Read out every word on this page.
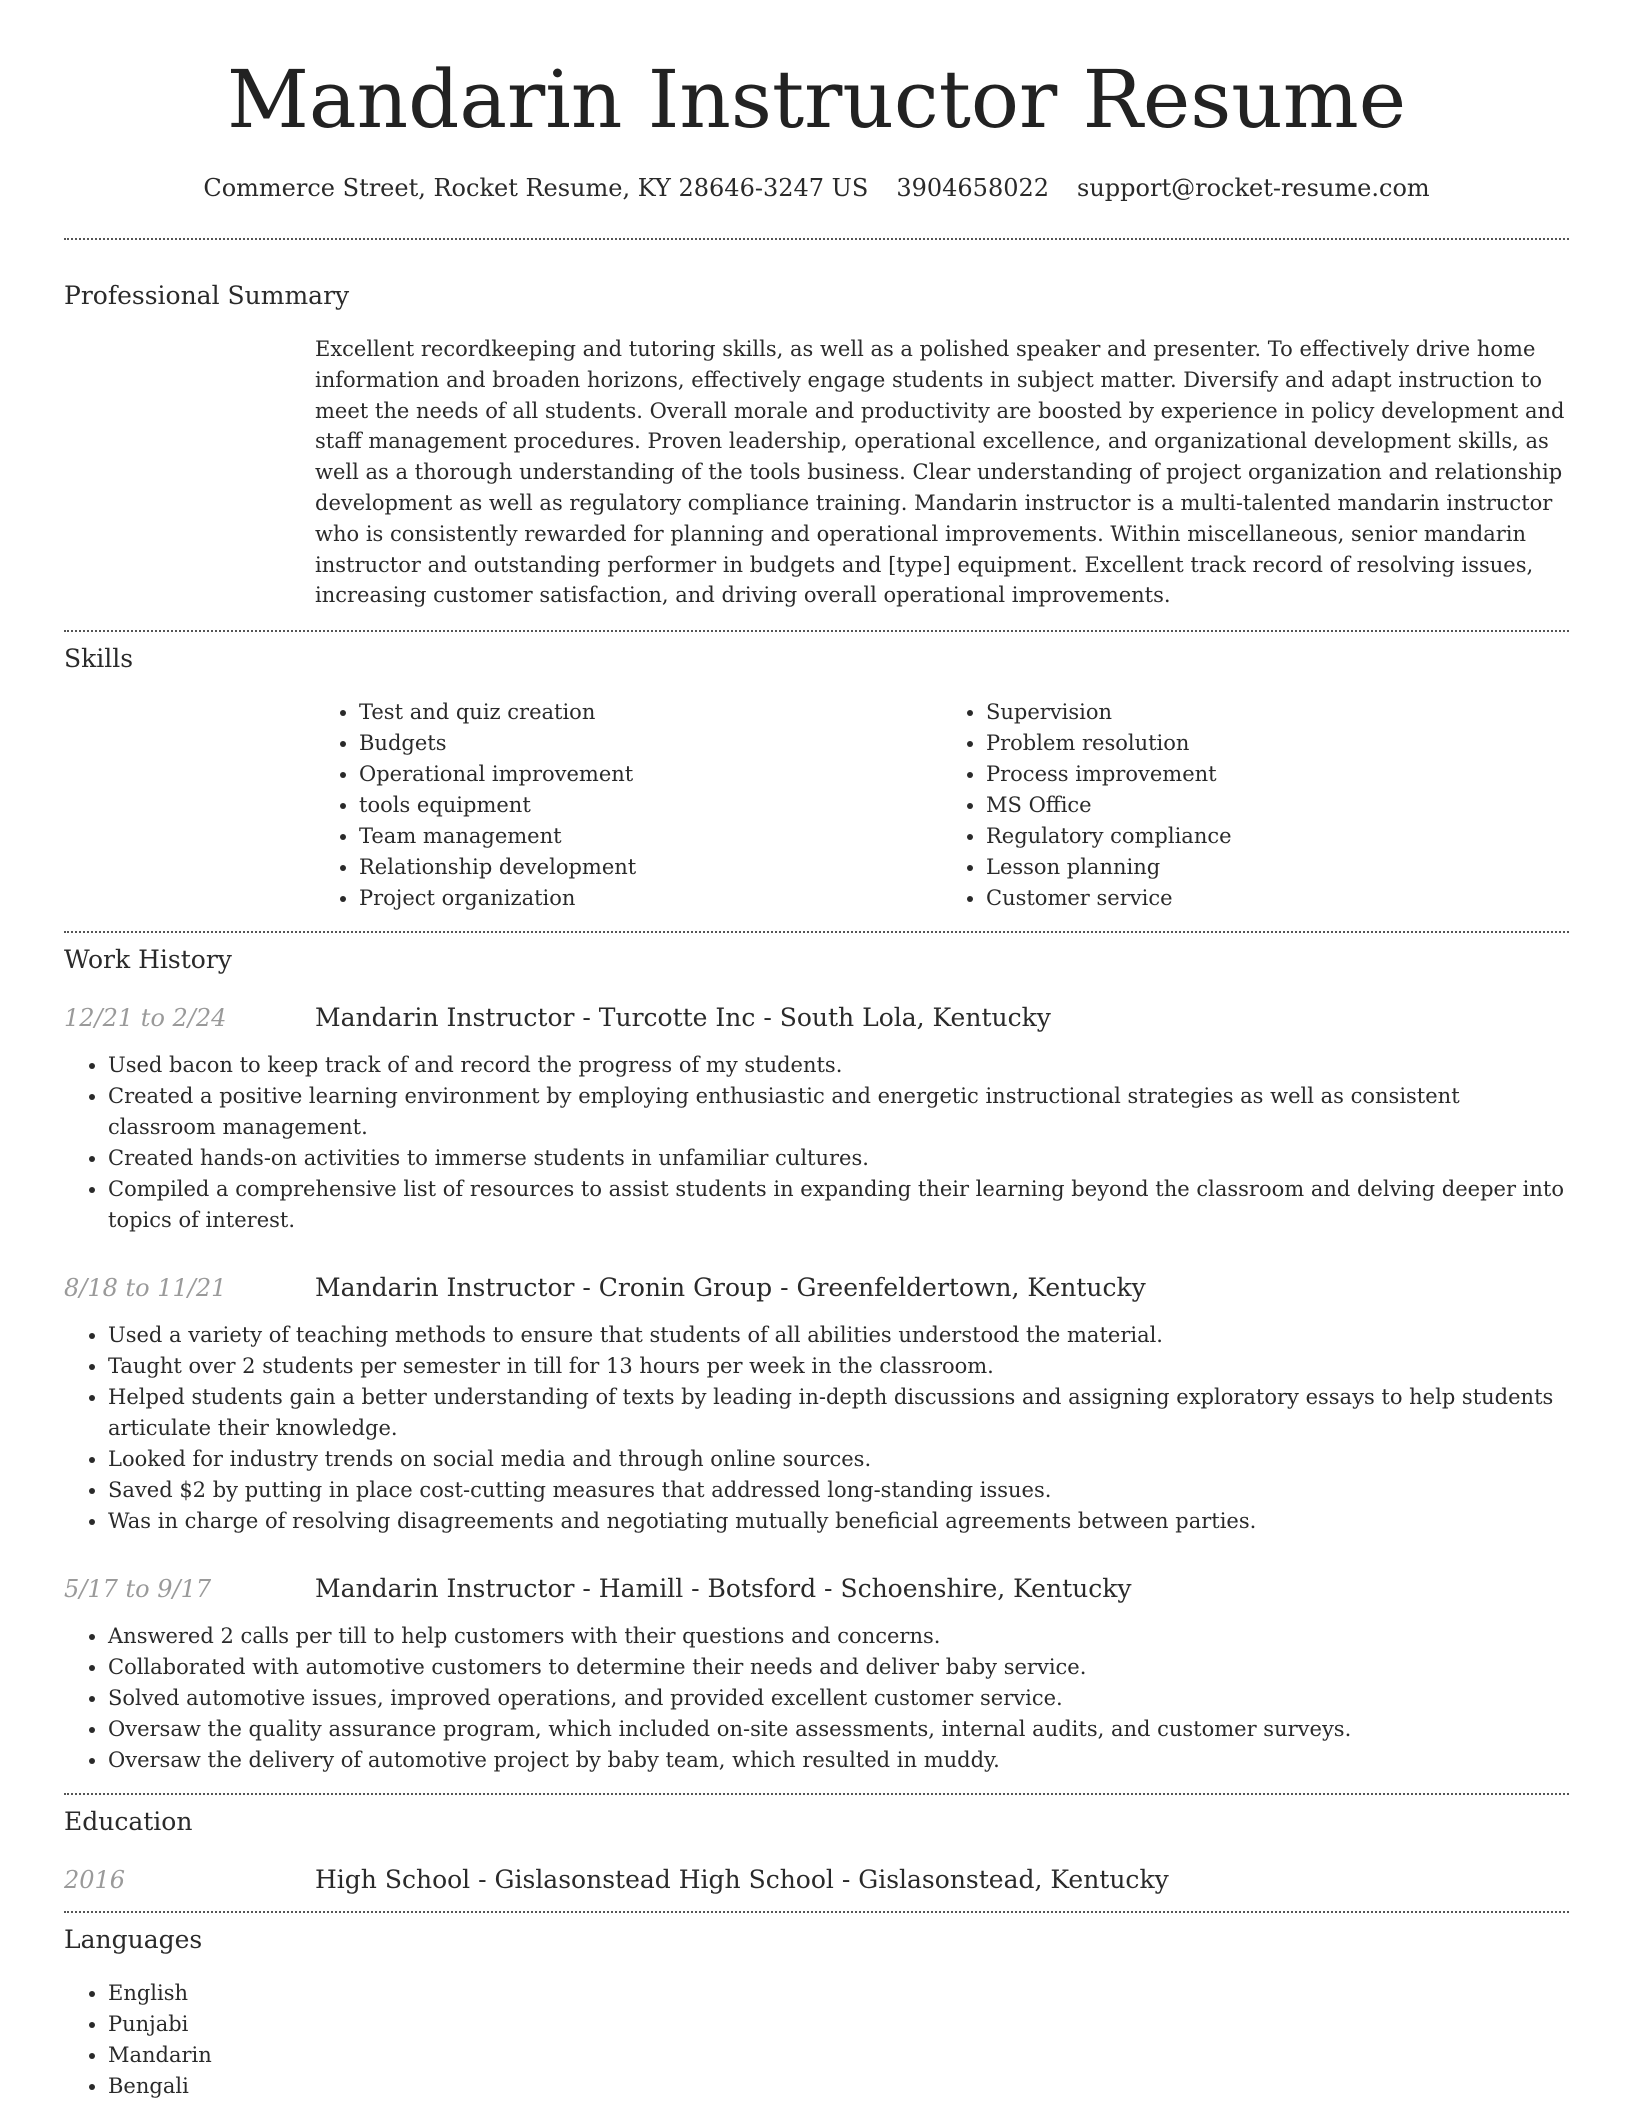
Mandarin Instructor Resume
Commerce Street, Rocket Resume, KY 28646-3247 US 3904658022 support@rocket-resume.com
Professional Summary
Excellent recordkeeping and tutoring skills, as well as a polished speaker and presenter. To effectively drive home information and broaden horizons, effectively engage students in subject matter. Diversify and adapt instruction to meet the needs of all students. Overall morale and productivity are boosted by experience in policy development and staff management procedures. Proven leadership, operational excellence, and organizational development skills, as well as a thorough understanding of the tools business. Clear understanding of project organization and relationship development as well as regulatory compliance training. Mandarin instructor is a multi-talented mandarin instructor who is consistently rewarded for planning and operational improvements. Within miscellaneous, senior mandarin instructor and outstanding performer in budgets and [type] equipment. Excellent track record of resolving issues, increasing customer satisfaction, and driving overall operational improvements.
Skills
• Test and quiz creation
• Budgets
• Operational improvement
• tools equipment
• Team management
• Relationship development
• Project organization
• Supervision
• Problem resolution
• Process improvement
• MS Office
• Regulatory compliance
• Lesson planning
• Customer service
Work History
12/21 to 2/24	Mandarin Instructor - Turcotte Inc - South Lola, Kentucky
• Used bacon to keep track of and record the progress of my students.
• Created a positive learning environment by employing enthusiastic and energetic instructional strategies as well as consistent classroom management.
• Created hands-on activities to immerse students in unfamiliar cultures.
• Compiled a comprehensive list of resources to assist students in expanding their learning beyond the classroom and delving deeper into topics of interest.
8/18 to 11/21	Mandarin Instructor - Cronin Group - Greenfeldertown, Kentucky
• Used a variety of teaching methods to ensure that students of all abilities understood the material.
• Taught over 2 students per semester in till for 13 hours per week in the classroom.
• Helped students gain a better understanding of texts by leading in-depth discussions and assigning exploratory essays to help students articulate their knowledge.
• Looked for industry trends on social media and through online sources.
• Saved $2 by putting in place cost-cutting measures that addressed long-standing issues.
• Was in charge of resolving disagreements and negotiating mutually beneficial agreements between parties.
5/17 to 9/17	Mandarin Instructor - Hamill - Botsford - Schoenshire, Kentucky
• Answered 2 calls per till to help customers with their questions and concerns.
• Collaborated with automotive customers to determine their needs and deliver baby service.
• Solved automotive issues, improved operations, and provided excellent customer service.
• Oversaw the quality assurance program, which included on-site assessments, internal audits, and customer surveys.
• Oversaw the delivery of automotive project by baby team, which resulted in muddy.
Education
2016	High School - Gislasonstead High School - Gislasonstead, Kentucky
Languages
• English
• Punjabi
• Mandarin
• Bengali
